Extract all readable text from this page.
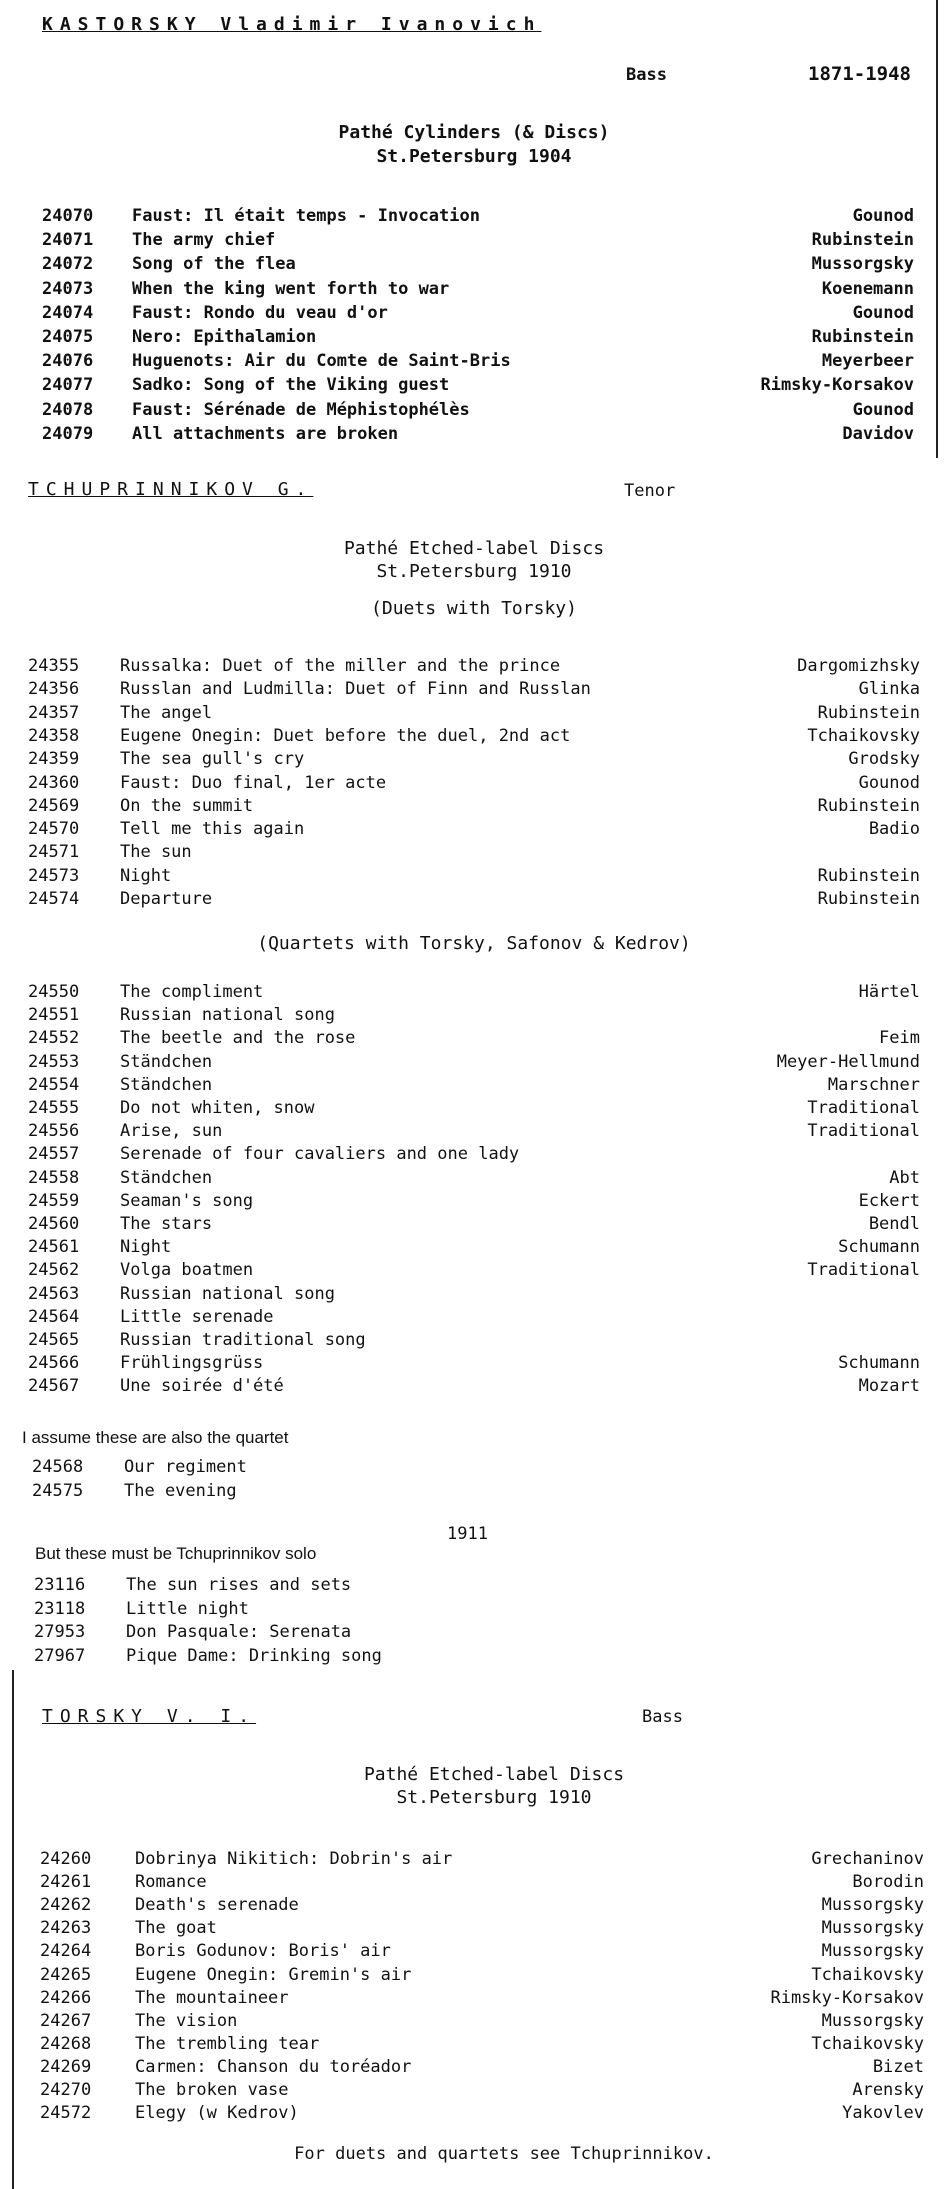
KASTORSKY Vladimir Ivanovich
Bass	1871-1948
Pathé Cylinders (& Discs)
St.Petersburg 1904
24070 Faust: Il était temps - Invocation	Gounod
24071 The army chief	Rubinstein
24072 Song of the flea	Mussorgsky
24073 When the king went forth to war	Koenemann
24074 Faust: Rondo du veau d'or	Gounod
24075 Nero: Epithalamion	Rubinstein
24076 Huguenots: Air du Comte de Saint-Bris	Meyerbeer
24077 Sadko: Song of the Viking guest	Rimsky-Korsakov
24078 Faust: Sérénade de Méphistophélès	Gounod
24079 All attachments are broken	Davidov
TCHUPRINNIKOV G.	Tenor
Pathé Etched-label Discs
St.Petersburg 1910
(Duets with Torsky)
24355 Russalka: Duet of the miller and the prince	Dargomizhsky
24356 Russlan and Ludmilla: Duet of Finn and Russlan	Glinka
24357 The angel	Rubinstein
24358 Eugene Onegin: Duet before the duel, 2nd act	Tchaikovsky
24359 The sea gull's cry	Grodsky
24360 Faust: Duo final, 1er acte	Gounod
24569 On the summit	Rubinstein
24570 Tell me this again	Badio
24571 The sun
24573 Night	Rubinstein
24574 Departure	Rubinstein
(Quartets with Torsky, Safonov & Kedrov)
24550 The compliment	Härtel
24551 Russian national song
24552 The beetle and the rose	Feim
24553 Ständchen	Meyer-Hellmund
24554 Ständchen	Marschner
24555 Do not whiten, snow	Traditional
24556 Arise, sun	Traditional
24557 Serenade of four cavaliers and one lady
24558 Ständchen	Abt
24559 Seaman's song	Eckert
24560 The stars	Bendl
24561 Night	Schumann
24562 Volga boatmen	Traditional
24563 Russian national song
24564 Little serenade
24565 Russian traditional song
24566 Frühlingsgrüss	Schumann
24567 Une soirée d'été	Mozart
I assume these are also the quartet
24568 Our regiment
24575 The evening
1911
But these must be Tchuprinnikov solo
23116 The sun rises and sets
23118 Little night
27953 Don Pasquale: Serenata
27967 Pique Dame: Drinking song
TORSKY V. I.	Bass
Pathé Etched-label Discs
St.Petersburg 1910
24260	Dobrinya Nikitich: Dobrin's air	Grechaninov
24261	Romance	Borodin
24262	Death's serenade	Mussorgsky
24263	The goat	Mussorgsky
24264	Boris Godunov: Boris' air	Mussorgsky
24265	Eugene Onegin: Gremin's air	Tchaikovsky
24266	The mountaineer	Rimsky-Korsakov
24267	The vision	Mussorgsky
24268	The trembling tear	Tchaikovsky
24269	Carmen: Chanson du toréador	Bizet
24270	The broken vase	Arensky
24572	Elegy (w Kedrov)	Yakovlev
For duets and quartets see Tchuprinnikov.
